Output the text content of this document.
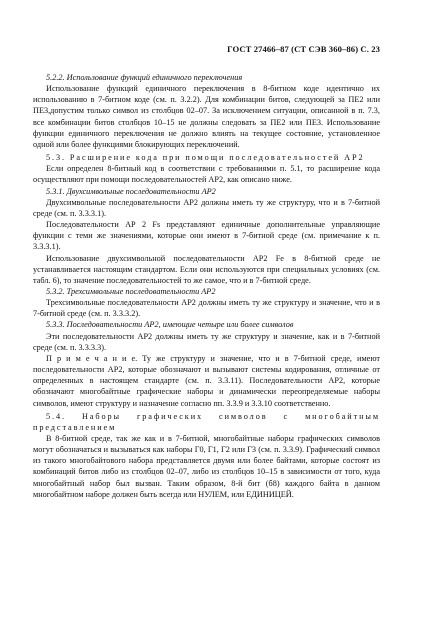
ГОСТ 27466–87 (СТ СЭВ 360–86) С. 23

5.2.2. Использование функций единичного переключения

Использование функций единичного переключения в 8-битном коде идентично их использованию в 7-битном коде (см. п. 3.2.2). Для комбинации битов, следующей за ПЕ2 или ПЕ3,допустим только символ из столбцов 02–07. За исключением ситуации, описанной в п. 7.3, все комбинации битов столбцов 10–15 не должны следовать за ПЕ2 или ПЕ3. Использование функции единичного переключения не должно влиять на текущее состояние, установленное одной или более функциями блокирующих переключений.

5.3. Расширение кода при помощи последовательностей АР2

Если определен 8-битный код в соответствии с требованиями п. 5.1, то расширение кода осуществляют при помощи последовательностей АР2, как описано ниже.

5.3.1. Двухсимвольные последовательности АР2

Двухсимвольные последовательности АР2 должны иметь ту же структуру, что и в 7-битной среде (см. п. 3.3.3.1).

Последовательности АР 2 Fs представляют единичные дополнительные управляющие функции с теми же значениями, которые они имеют в 7-битной среде (см. примечание к п. 3.3.3.1).

Использование двухсимвольной последовательности АР2 Fе в 8-битной среде не устанавливается настоящим стандартом. Если они используются при специальных условиях (см. табл. 6), то значение последовательностей то же самое, что и в 7-битной среде.

5.3.2. Трехсимвольные последовательности АР2

Трехсимвольные последовательности АР2 должны иметь ту же структуру и значение, что и в 7-битной среде (см. п. 3.3.3.2).

5.3.3. Последовательности АР2, имеющие четыре или более символов

Эти последовательности АР2 должны иметь ту же структуру и значение, как и в 7-битной среде (см. п. 3.3.3.3).

П р и м е ч а н и е. Ту же структуру и значение, что и в 7-битной среде, имеют последовательности АР2, которые обозначают и вызывают системы кодирования, отличные от определенных в настоящем стандарте (см. п. 3.3.11). Последовательности АР2, которые обозначают многобайтные графические наборы и динамически переопределяемые наборы символов, имеют структуру и назначение согласно пп. 3.3.9 и 3.3.10 соответственно.

5.4. Наборы графических символов с многобайтным представлением

В 8-битной среде, так же как и в 7-битной, многобайтные наборы графических символов могут обозначаться и вызываться как наборы Г0, Г1, Г2 или Г3 (см. п. 3.3.9). Графический символ из такого многобайтового набора представляется двумя или более байтами, которые состоят из комбинаций битов либо из столбцов 02–07, либо из столбцов 10–15 в зависимости от того, куда многобайтный набор был вызван. Таким образом, 8-й бит (б8) каждого байта в данном многобайтном наборе должен быть всегда или НУЛЕМ, или ЕДИНИЦЕЙ.
